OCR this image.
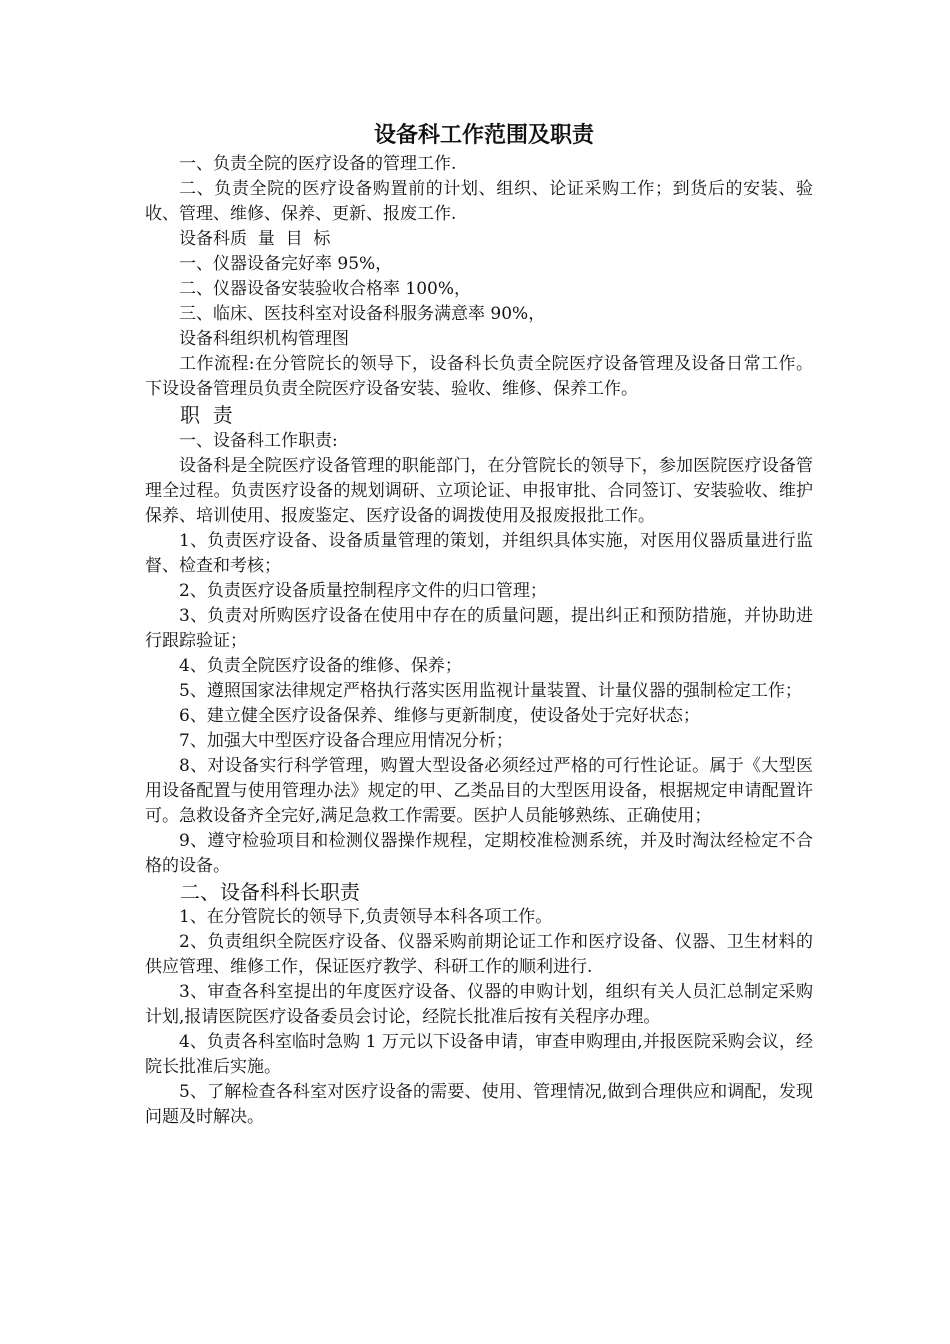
设备科工作范围及职责

一、负责全院的医疗设备的管理工作.

二、负责全院的医疗设备购置前的计划、组织、论证采购工作；到货后的安装、验收、管理、维修、保养、更新、报废工作.

设备科质  量  目  标

一、仪器设备完好率 95%，

二、仪器设备安装验收合格率 100%，

三、临床、医技科室对设备科服务满意率 90%，

设备科组织机构管理图

工作流程:在分管院长的领导下，设备科长负责全院医疗设备管理及设备日常工作。下设设备管理员负责全院医疗设备安装、验收、维修、保养工作。

职  责

一、设备科工作职责:

设备科是全院医疗设备管理的职能部门，在分管院长的领导下，参加医院医疗设备管理全过程。负责医疗设备的规划调研、立项论证、申报审批、合同签订、安装验收、维护保养、培训使用、报废鉴定、医疗设备的调拨使用及报废报批工作。

1、负责医疗设备、设备质量管理的策划，并组织具体实施，对医用仪器质量进行监督、检查和考核；

2、负责医疗设备质量控制程序文件的归口管理；

3、负责对所购医疗设备在使用中存在的质量问题，提出纠正和预防措施，并协助进行跟踪验证；

4、负责全院医疗设备的维修、保养；

5、遵照国家法律规定严格执行落实医用监视计量装置、计量仪器的强制检定工作；

6、建立健全医疗设备保养、维修与更新制度，使设备处于完好状态；

7、加强大中型医疗设备合理应用情况分析；

8、对设备实行科学管理，购置大型设备必须经过严格的可行性论证。属于《大型医用设备配置与使用管理办法》规定的甲、乙类品目的大型医用设备，根据规定申请配置许可。急救设备齐全完好,满足急救工作需要。医护人员能够熟练、正确使用；

9、遵守检验项目和检测仪器操作规程，定期校准检测系统，并及时淘汰经检定不合格的设备。

二、设备科科长职责

1、在分管院长的领导下,负责领导本科各项工作。

2、负责组织全院医疗设备、仪器采购前期论证工作和医疗设备、仪器、卫生材料的供应管理、维修工作，保证医疗教学、科研工作的顺利进行.

3、审查各科室提出的年度医疗设备、仪器的申购计划，组织有关人员汇总制定采购计划,报请医院医疗设备委员会讨论，经院长批准后按有关程序办理。

4、负责各科室临时急购 1 万元以下设备申请，审查申购理由,并报医院采购会议，经院长批准后实施。

5、了解检查各科室对医疗设备的需要、使用、管理情况,做到合理供应和调配，发现问题及时解决。
